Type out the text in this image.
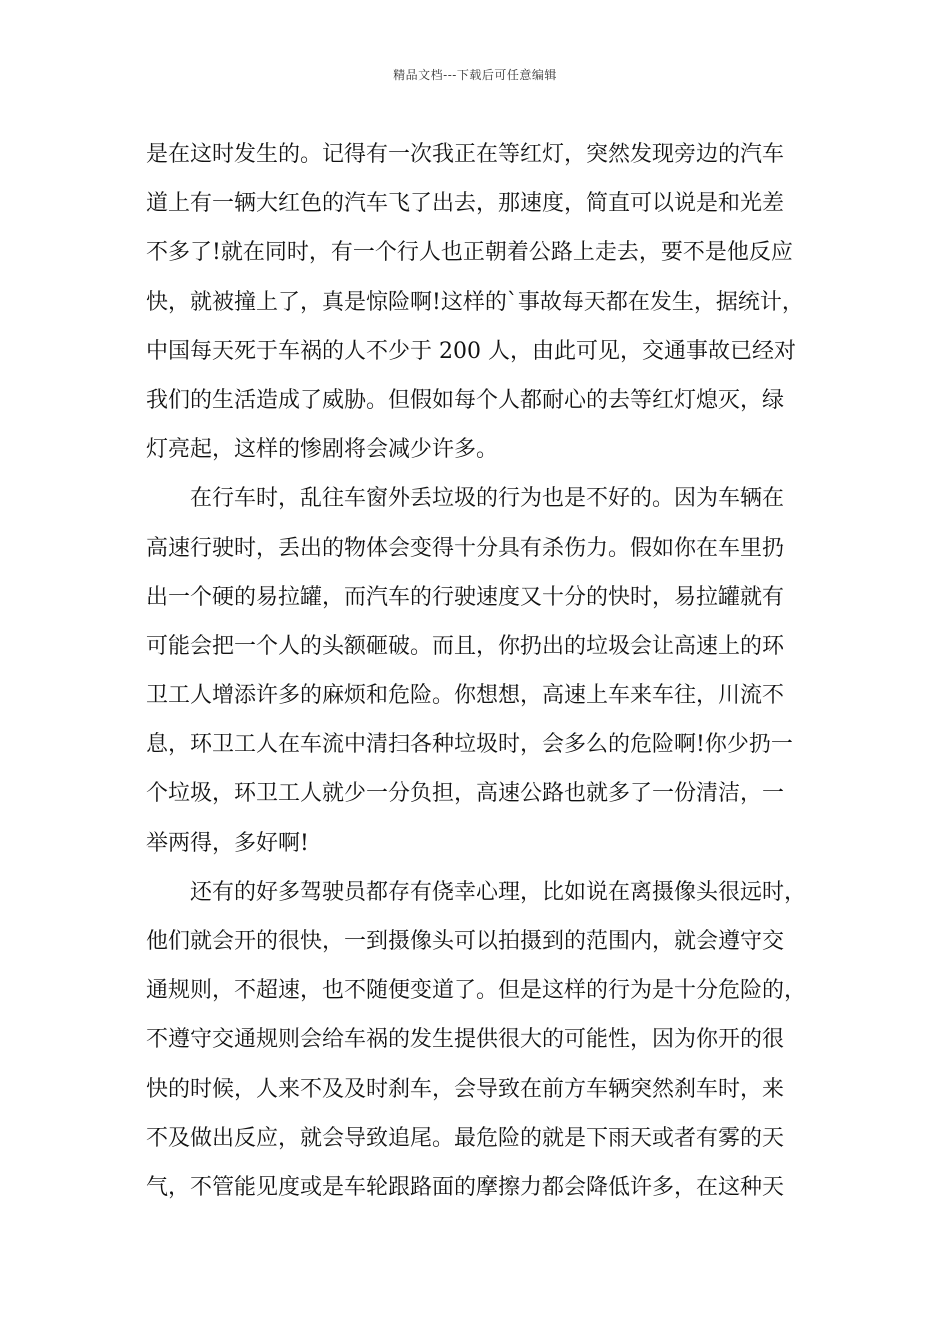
精品文档---下载后可任意编辑
是在这时发生的。记得有一次我正在等红灯，突然发现旁边的汽车
道上有一辆大红色的汽车飞了出去，那速度，简直可以说是和光差
不多了!就在同时，有一个行人也正朝着公路上走去，要不是他反应
快，就被撞上了，真是惊险啊!这样的`事故每天都在发生，据统计，
中国每天死于车祸的人不少于 200 人，由此可见，交通事故已经对
我们的生活造成了威胁。但假如每个人都耐心的去等红灯熄灭，绿
灯亮起，这样的惨剧将会减少许多。
在行车时，乱往车窗外丢垃圾的行为也是不好的。因为车辆在
高速行驶时，丢出的物体会变得十分具有杀伤力。假如你在车里扔
出一个硬的易拉罐，而汽车的行驶速度又十分的快时，易拉罐就有
可能会把一个人的头额砸破。而且，你扔出的垃圾会让高速上的环
卫工人增添许多的麻烦和危险。你想想，高速上车来车往，川流不
息，环卫工人在车流中清扫各种垃圾时，会多么的危险啊!你少扔一
个垃圾，环卫工人就少一分负担，高速公路也就多了一份清洁，一
举两得，多好啊!
还有的好多驾驶员都存有侥幸心理，比如说在离摄像头很远时，
他们就会开的很快，一到摄像头可以拍摄到的范围内，就会遵守交
通规则，不超速，也不随便变道了。但是这样的行为是十分危险的，
不遵守交通规则会给车祸的发生提供很大的可能性，因为你开的很
快的时候，人来不及及时刹车，会导致在前方车辆突然刹车时，来
不及做出反应，就会导致追尾。最危险的就是下雨天或者有雾的天
气，不管能见度或是车轮跟路面的摩擦力都会降低许多，在这种天
